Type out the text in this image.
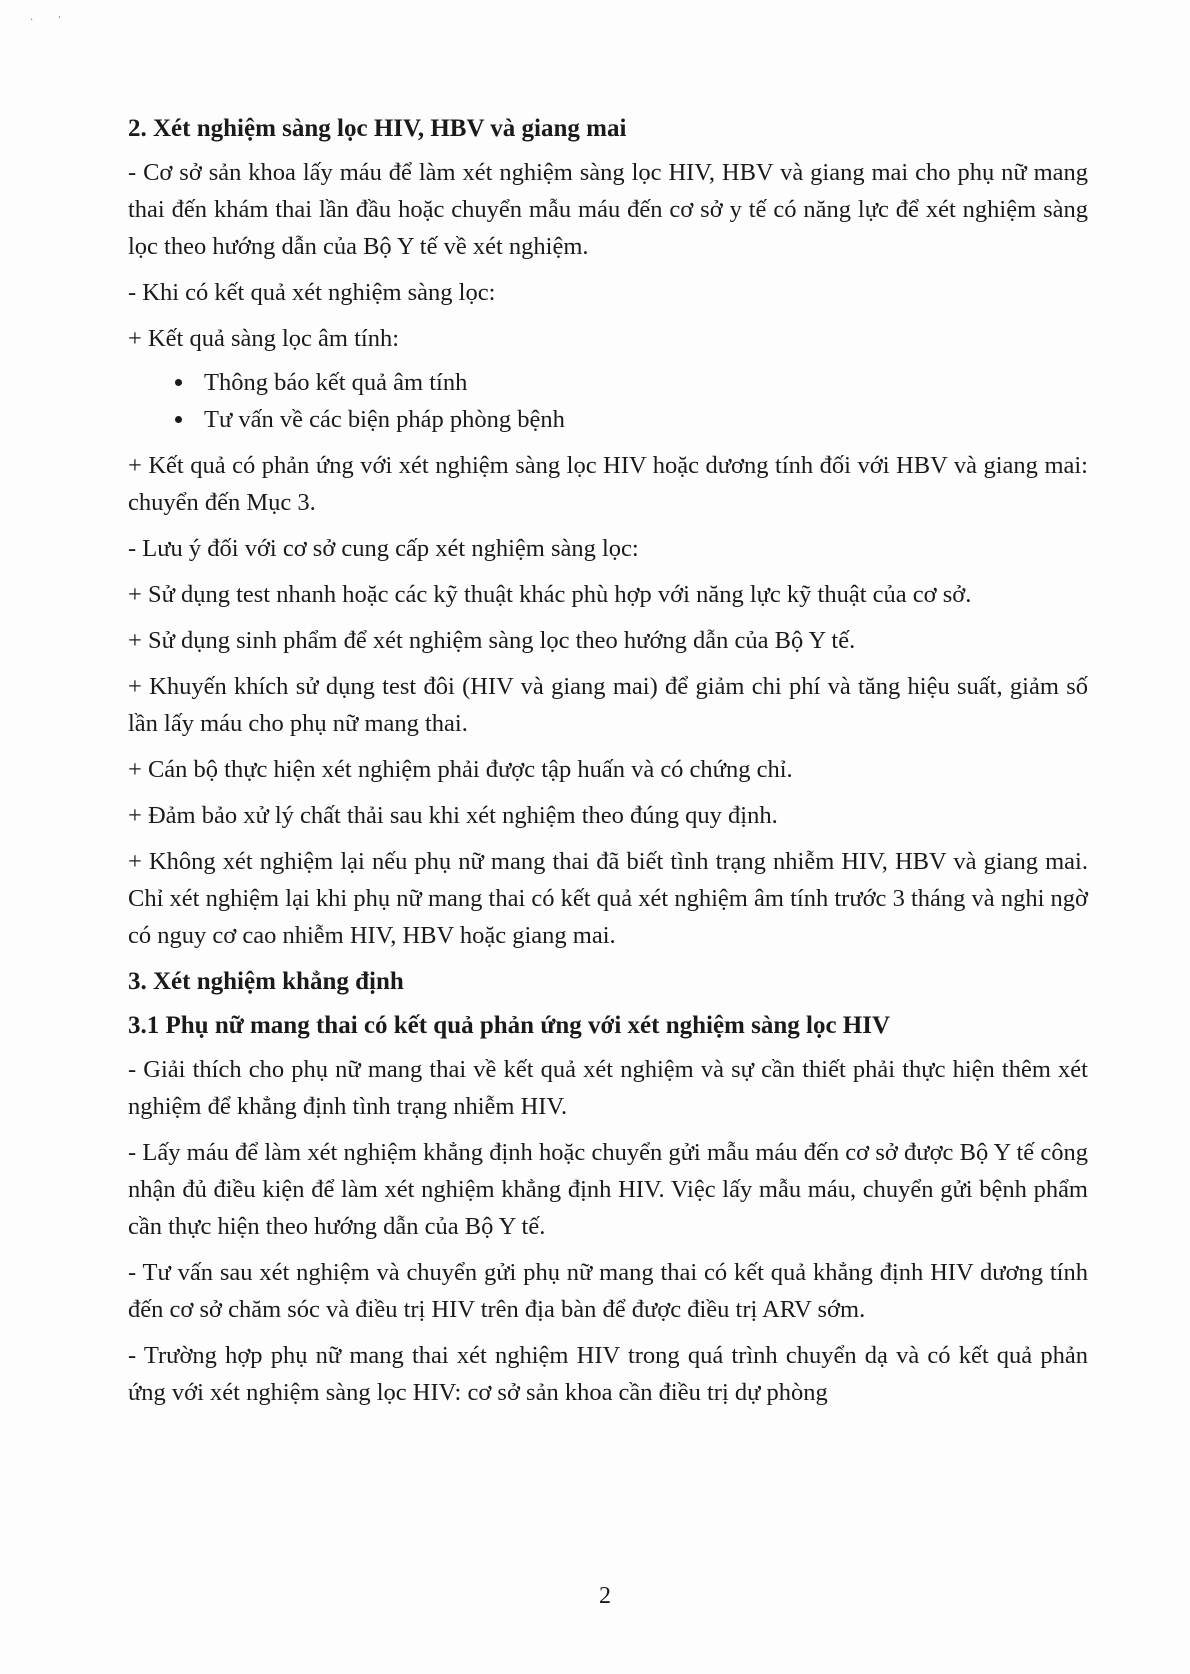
·          '
2. Xét nghiệm sàng lọc HIV, HBV và giang mai

- Cơ sở sản khoa lấy máu để làm xét nghiệm sàng lọc HIV, HBV và giang mai cho phụ nữ mang thai đến khám thai lần đầu hoặc chuyển mẫu máu đến cơ sở y tế có năng lực để xét nghiệm sàng lọc theo hướng dẫn của Bộ Y tế về xét nghiệm.

- Khi có kết quả xét nghiệm sàng lọc:

+ Kết quả sàng lọc âm tính:

• Thông báo kết quả âm tính
• Tư vấn về các biện pháp phòng bệnh

+ Kết quả có phản ứng với xét nghiệm sàng lọc HIV hoặc dương tính đối với HBV và giang mai: chuyển đến Mục 3.

- Lưu ý đối với cơ sở cung cấp xét nghiệm sàng lọc:

+ Sử dụng test nhanh hoặc các kỹ thuật khác phù hợp với năng lực kỹ thuật của cơ sở.

+ Sử dụng sinh phẩm để xét nghiệm sàng lọc theo hướng dẫn của Bộ Y tế.

+ Khuyến khích sử dụng test đôi (HIV và giang mai) để giảm chi phí và tăng hiệu suất, giảm số lần lấy máu cho phụ nữ mang thai.

+ Cán bộ thực hiện xét nghiệm phải được tập huấn và có chứng chỉ.

+ Đảm bảo xử lý chất thải sau khi xét nghiệm theo đúng quy định.

+ Không xét nghiệm lại nếu phụ nữ mang thai đã biết tình trạng nhiễm HIV, HBV và giang mai. Chỉ xét nghiệm lại khi phụ nữ mang thai có kết quả xét nghiệm âm tính trước 3 tháng và nghi ngờ có nguy cơ cao nhiễm HIV, HBV hoặc giang mai.

3. Xét nghiệm khẳng định
3.1 Phụ nữ mang thai có kết quả phản ứng với xét nghiệm sàng lọc HIV

- Giải thích cho phụ nữ mang thai về kết quả xét nghiệm và sự cần thiết phải thực hiện thêm xét nghiệm để khẳng định tình trạng nhiễm HIV.

- Lấy máu để làm xét nghiệm khẳng định hoặc chuyển gửi mẫu máu đến cơ sở được Bộ Y tế công nhận đủ điều kiện để làm xét nghiệm khẳng định HIV. Việc lấy mẫu máu, chuyển gửi bệnh phẩm cần thực hiện theo hướng dẫn của Bộ Y tế.

- Tư vấn sau xét nghiệm và chuyển gửi phụ nữ mang thai có kết quả khẳng định HIV dương tính đến cơ sở chăm sóc và điều trị HIV trên địa bàn để được điều trị ARV sớm.

- Trường hợp phụ nữ mang thai xét nghiệm HIV trong quá trình chuyển dạ và có kết quả phản ứng với xét nghiệm sàng lọc HIV: cơ sở sản khoa cần điều trị dự phòng

2
